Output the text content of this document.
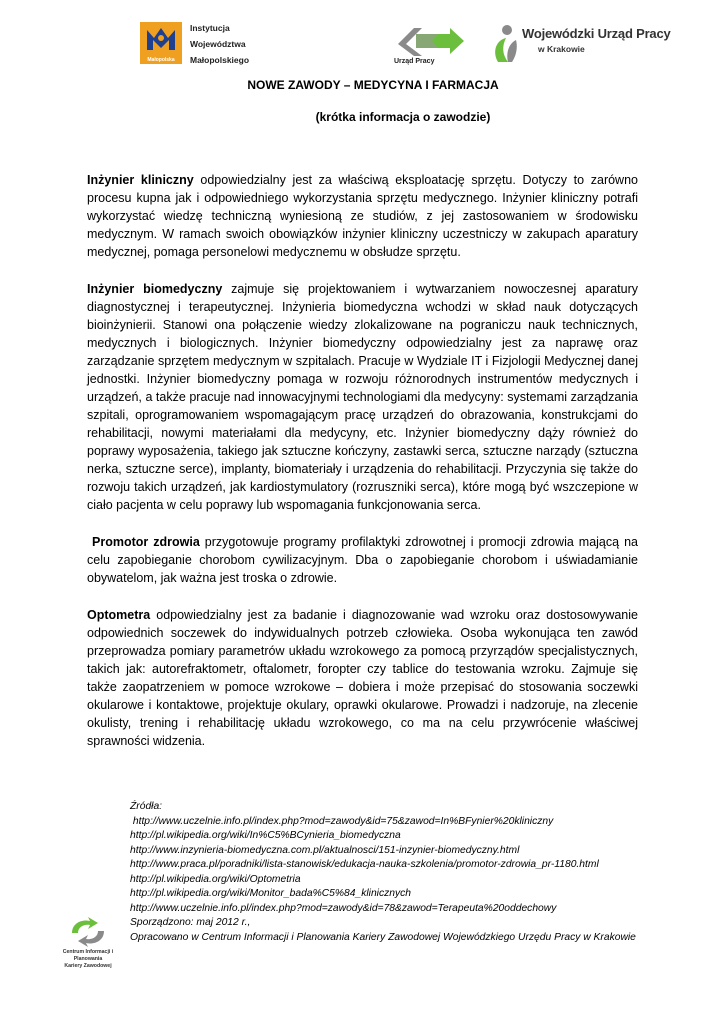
Małopolska
Instytucja
Województwa
Małopolskiego	Urząd Pracy
Wojewódzki Urząd Pracy
w Krakowie
NOWE ZAWODY – MEDYCYNA I FARMACJA
(krótka informacja o zawodzie)

Inżynier kliniczny odpowiedzialny jest za właściwą eksploatację sprzętu. Dotyczy to zarówno procesu kupna jak i odpowiedniego wykorzystania sprzętu medycznego. Inżynier kliniczny potrafi wykorzystać wiedzę techniczną wyniesioną ze studiów, z jej zastosowaniem w środowisku medycznym. W ramach swoich obowiązków inżynier kliniczny uczestniczy w zakupach aparatury medycznej, pomaga personelowi medycznemu w obsłudze sprzętu.

Inżynier biomedyczny zajmuje się projektowaniem i wytwarzaniem nowoczesnej aparatury diagnostycznej i terapeutycznej. Inżynieria biomedyczna wchodzi w skład nauk dotyczących bioinżynierii. Stanowi ona połączenie wiedzy zlokalizowane na pograniczu nauk technicznych, medycznych i biologicznych. Inżynier biomedyczny odpowiedzialny jest za naprawę oraz zarządzanie sprzętem medycznym w szpitalach. Pracuje w Wydziale IT i Fizjologii Medycznej danej jednostki. Inżynier biomedyczny pomaga w rozwoju różnorodnych instrumentów medycznych i urządzeń, a także pracuje nad innowacyjnymi technologiami dla medycyny: systemami zarządzania szpitali, oprogramowaniem wspomagającym pracę urządzeń do obrazowania, konstrukcjami do rehabilitacji, nowymi materiałami dla medycyny, etc. Inżynier biomedyczny dąży również do poprawy wyposażenia, takiego jak sztuczne kończyny, zastawki serca, sztuczne narządy (sztuczna nerka, sztuczne serce), implanty, biomateriały i urządzenia do rehabilitacji. Przyczynia się także do rozwoju takich urządzeń, jak kardiostymulatory (rozruszniki serca), które mogą być wszczepione w ciało pacjenta w celu poprawy lub wspomagania funkcjonowania serca.

Promotor zdrowia przygotowuje programy profilaktyki zdrowotnej i promocji zdrowia mającą na celu zapobieganie chorobom cywilizacyjnym. Dba o zapobieganie chorobom i uświadamianie obywatelom, jak ważna jest troska o zdrowie.

Optometra odpowiedzialny jest za badanie i diagnozowanie wad wzroku oraz dostosowywanie odpowiednich soczewek do indywidualnych potrzeb człowieka. Osoba wykonująca ten zawód przeprowadza pomiary parametrów układu wzrokowego za pomocą przyrządów specjalistycznych, takich jak: autorefraktometr, oftalometr, foropter czy tablice do testowania wzroku. Zajmuje się także zaopatrzeniem w pomoce wzrokowe – dobiera i może przepisać do stosowania soczewki okularowe i kontaktowe, projektuje okulary, oprawki okularowe. Prowadzi i nadzoruje, na zlecenie okulisty, trening i rehabilitację układu wzrokowego, co ma na celu przywrócenie właściwej sprawności widzenia.

Źródła:
http://www.uczelnie.info.pl/index.php?mod=zawody&id=75&zawod=In%BFynier%20kliniczny
http://pl.wikipedia.org/wiki/In%C5%BCynieria_biomedyczna
http://www.inzynieria-biomedyczna.com.pl/aktualnosci/151-inzynier-biomedyczny.html
http://www.praca.pl/poradniki/lista-stanowisk/edukacja-nauka-szkolenia/promotor-zdrowia_pr-1180.html
http://pl.wikipedia.org/wiki/Optometria
http://pl.wikipedia.org/wiki/Monitor_bada%C5%84_klinicznych
http://www.uczelnie.info.pl/index.php?mod=zawody&id=78&zawod=Terapeuta%20oddechowy
Sporządzono: maj 2012 r.,
Opracowano w Centrum Informacji i Planowania Kariery Zawodowej Wojewódzkiego Urzędu Pracy w Krakowie
Centrum Informacji i Planowania
Kariery Zawodowej
